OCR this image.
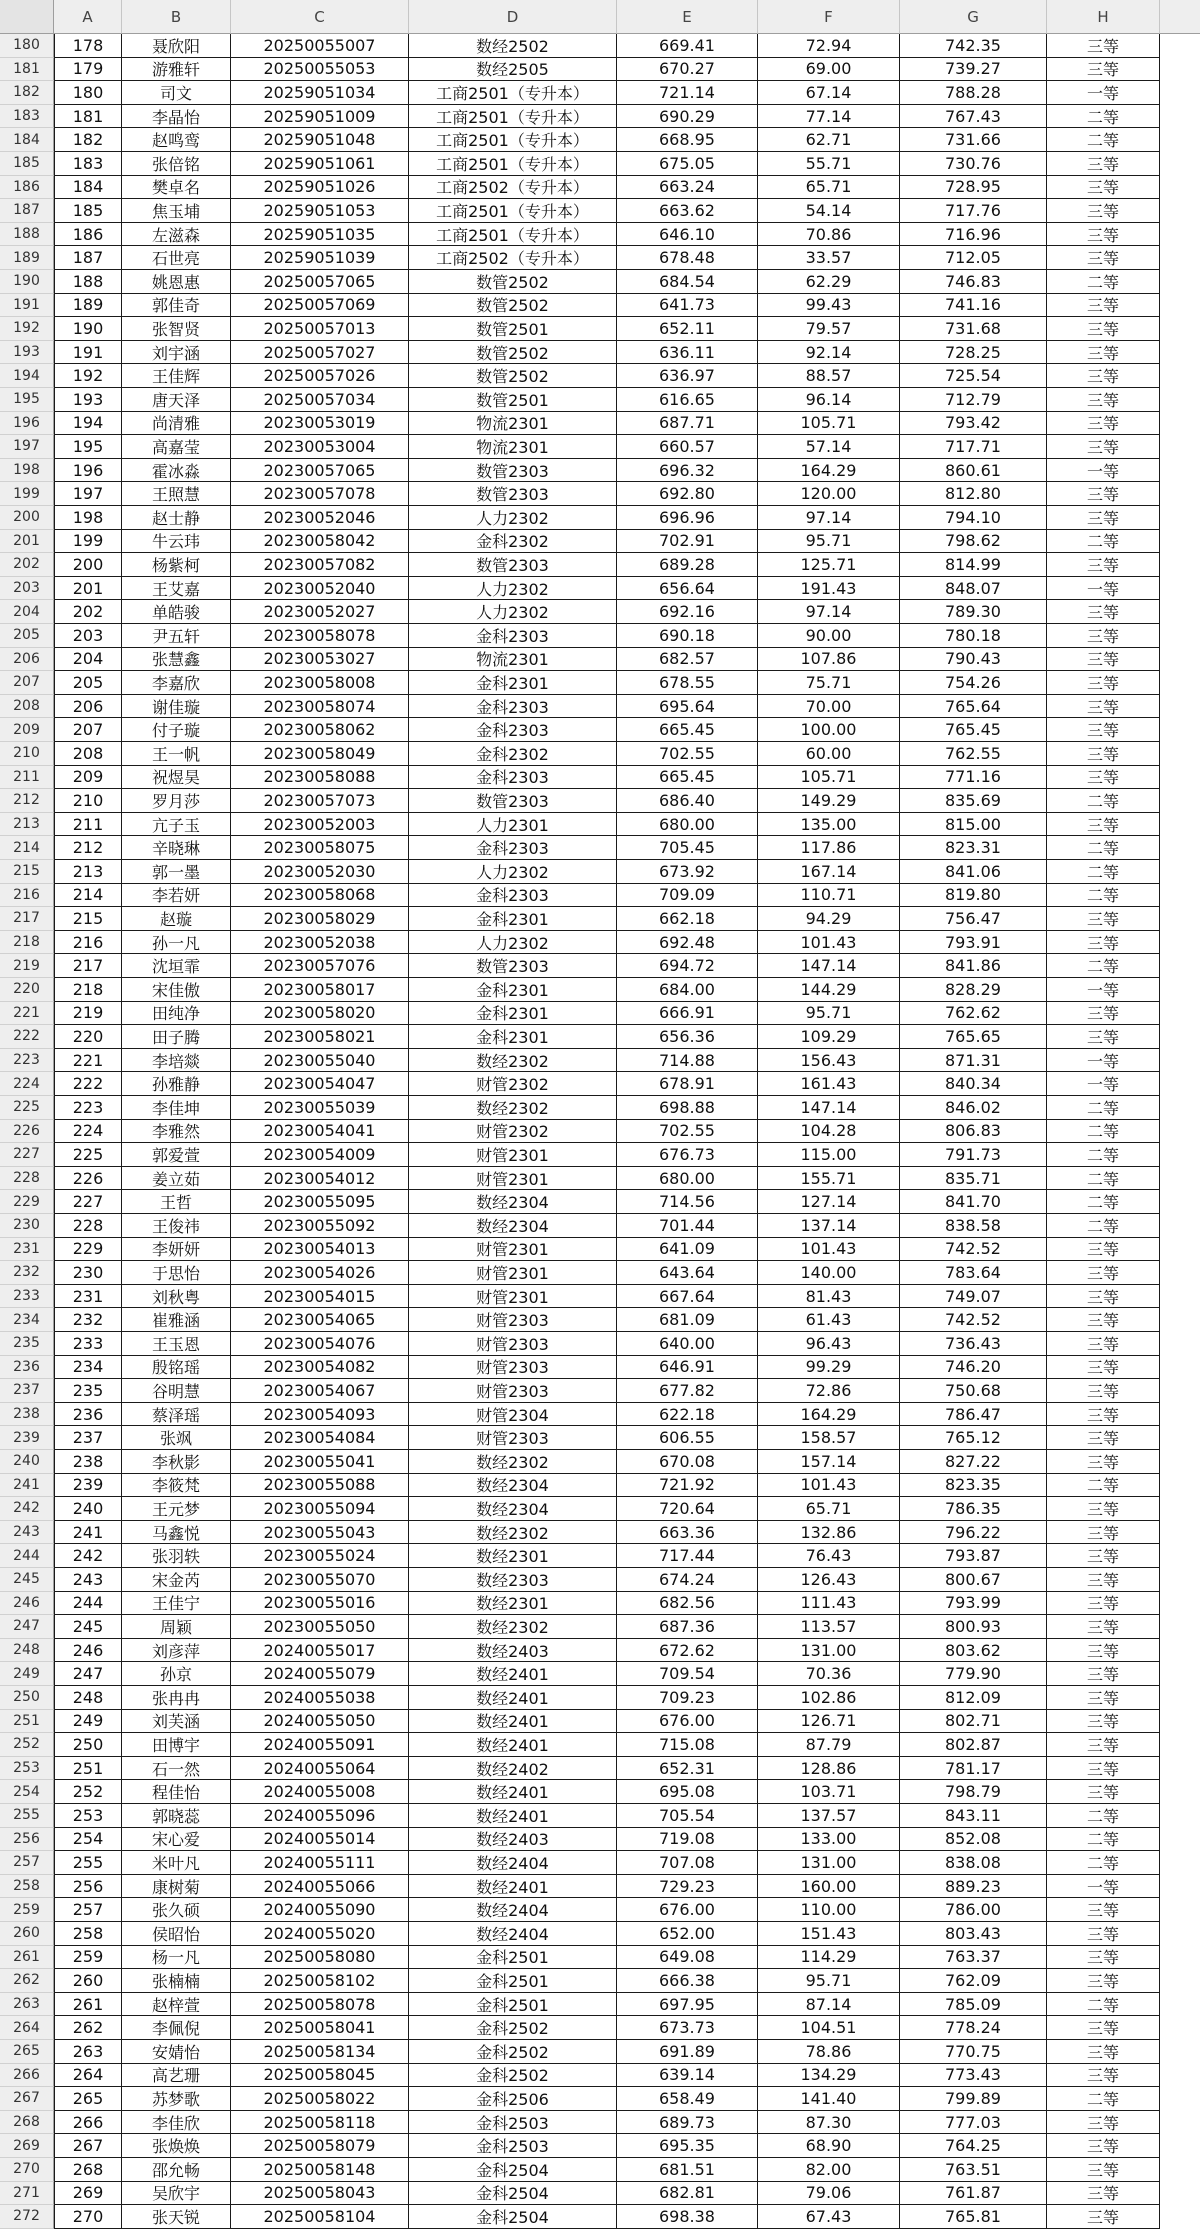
A	B	C	D	E	F	G	H
180	178	聂欣阳	20250055007	数经2502	669.41	72.94	742.35	三等
181	179	游雅轩	20250055053	数经2505	670.27	69.00	739.27	三等
182	180	司文	20259051034	工商2501（专升本）	721.14	67.14	788.28	一等
183	181	李晶怡	20259051009	工商2501（专升本）	690.29	77.14	767.43	二等
184	182	赵鸣鸾	20259051048	工商2501（专升本）	668.95	62.71	731.66	二等
185	183	张倍铭	20259051061	工商2501（专升本）	675.05	55.71	730.76	三等
186	184	樊卓名	20259051026	工商2502（专升本）	663.24	65.71	728.95	三等
187	185	焦玉埔	20259051053	工商2501（专升本）	663.62	54.14	717.76	三等
188	186	左滋森	20259051035	工商2501（专升本）	646.10	70.86	716.96	三等
189	187	石世亮	20259051039	工商2502（专升本）	678.48	33.57	712.05	三等
190	188	姚恩惠	20250057065	数管2502	684.54	62.29	746.83	二等
191	189	郭佳奇	20250057069	数管2502	641.73	99.43	741.16	三等
192	190	张智贤	20250057013	数管2501	652.11	79.57	731.68	三等
193	191	刘宇涵	20250057027	数管2502	636.11	92.14	728.25	三等
194	192	王佳辉	20250057026	数管2502	636.97	88.57	725.54	三等
195	193	唐天泽	20250057034	数管2501	616.65	96.14	712.79	三等
196	194	尚清雅	20230053019	物流2301	687.71	105.71	793.42	三等
197	195	高嘉莹	20230053004	物流2301	660.57	57.14	717.71	三等
198	196	霍冰淼	20230057065	数管2303	696.32	164.29	860.61	一等
199	197	王照慧	20230057078	数管2303	692.80	120.00	812.80	三等
200	198	赵士静	20230052046	人力2302	696.96	97.14	794.10	三等
201	199	牛云玮	20230058042	金科2302	702.91	95.71	798.62	二等
202	200	杨紫柯	20230057082	数管2303	689.28	125.71	814.99	三等
203	201	王艾嘉	20230052040	人力2302	656.64	191.43	848.07	一等
204	202	单皓骏	20230052027	人力2302	692.16	97.14	789.30	三等
205	203	尹五轩	20230058078	金科2303	690.18	90.00	780.18	三等
206	204	张慧鑫	20230053027	物流2301	682.57	107.86	790.43	三等
207	205	李嘉欣	20230058008	金科2301	678.55	75.71	754.26	三等
208	206	谢佳璇	20230058074	金科2303	695.64	70.00	765.64	三等
209	207	付子璇	20230058062	金科2303	665.45	100.00	765.45	三等
210	208	王一帆	20230058049	金科2302	702.55	60.00	762.55	三等
211	209	祝煜昊	20230058088	金科2303	665.45	105.71	771.16	三等
212	210	罗月莎	20230057073	数管2303	686.40	149.29	835.69	二等
213	211	亢子玉	20230052003	人力2301	680.00	135.00	815.00	三等
214	212	辛晓琳	20230058075	金科2303	705.45	117.86	823.31	二等
215	213	郭一墨	20230052030	人力2302	673.92	167.14	841.06	二等
216	214	李若妍	20230058068	金科2303	709.09	110.71	819.80	二等
217	215	赵璇	20230058029	金科2301	662.18	94.29	756.47	三等
218	216	孙一凡	20230052038	人力2302	692.48	101.43	793.91	三等
219	217	沈垣霏	20230057076	数管2303	694.72	147.14	841.86	二等
220	218	宋佳傲	20230058017	金科2301	684.00	144.29	828.29	一等
221	219	田纯净	20230058020	金科2301	666.91	95.71	762.62	三等
222	220	田子腾	20230058021	金科2301	656.36	109.29	765.65	三等
223	221	李培燚	20230055040	数经2302	714.88	156.43	871.31	一等
224	222	孙雅静	20230054047	财管2302	678.91	161.43	840.34	一等
225	223	李佳坤	20230055039	数经2302	698.88	147.14	846.02	二等
226	224	李雅然	20230054041	财管2302	702.55	104.28	806.83	二等
227	225	郭爱萱	20230054009	财管2301	676.73	115.00	791.73	二等
228	226	姜立茹	20230054012	财管2301	680.00	155.71	835.71	二等
229	227	王哲	20230055095	数经2304	714.56	127.14	841.70	二等
230	228	王俊祎	20230055092	数经2304	701.44	137.14	838.58	二等
231	229	李妍妍	20230054013	财管2301	641.09	101.43	742.52	三等
232	230	于思怡	20230054026	财管2301	643.64	140.00	783.64	三等
233	231	刘秋粤	20230054015	财管2301	667.64	81.43	749.07	三等
234	232	崔雅涵	20230054065	财管2303	681.09	61.43	742.52	三等
235	233	王玉恩	20230054076	财管2303	640.00	96.43	736.43	三等
236	234	殷铭瑶	20230054082	财管2303	646.91	99.29	746.20	三等
237	235	谷明慧	20230054067	财管2303	677.82	72.86	750.68	三等
238	236	蔡泽瑶	20230054093	财管2304	622.18	164.29	786.47	三等
239	237	张飒	20230054084	财管2303	606.55	158.57	765.12	三等
240	238	李秋影	20230055041	数经2302	670.08	157.14	827.22	三等
241	239	李筱梵	20230055088	数经2304	721.92	101.43	823.35	二等
242	240	王元梦	20230055094	数经2304	720.64	65.71	786.35	三等
243	241	马鑫悦	20230055043	数经2302	663.36	132.86	796.22	三等
244	242	张羽轶	20230055024	数经2301	717.44	76.43	793.87	三等
245	243	宋金芮	20230055070	数经2303	674.24	126.43	800.67	三等
246	244	王佳宁	20230055016	数经2301	682.56	111.43	793.99	三等
247	245	周颖	20230055050	数经2302	687.36	113.57	800.93	三等
248	246	刘彦萍	20240055017	数经2403	672.62	131.00	803.62	三等
249	247	孙京	20240055079	数经2401	709.54	70.36	779.90	三等
250	248	张冉冉	20240055038	数经2401	709.23	102.86	812.09	三等
251	249	刘芙涵	20240055050	数经2401	676.00	126.71	802.71	三等
252	250	田博宇	20240055091	数经2401	715.08	87.79	802.87	三等
253	251	石一然	20240055064	数经2402	652.31	128.86	781.17	三等
254	252	程佳怡	20240055008	数经2401	695.08	103.71	798.79	三等
255	253	郭晓蕊	20240055096	数经2401	705.54	137.57	843.11	二等
256	254	宋心爱	20240055014	数经2403	719.08	133.00	852.08	二等
257	255	米叶凡	20240055111	数经2404	707.08	131.00	838.08	二等
258	256	康树菊	20240055066	数经2401	729.23	160.00	889.23	一等
259	257	张久硕	20240055090	数经2404	676.00	110.00	786.00	三等
260	258	侯昭怡	20240055020	数经2404	652.00	151.43	803.43	三等
261	259	杨一凡	20250058080	金科2501	649.08	114.29	763.37	三等
262	260	张楠楠	20250058102	金科2501	666.38	95.71	762.09	三等
263	261	赵梓萱	20250058078	金科2501	697.95	87.14	785.09	二等
264	262	李佩倪	20250058041	金科2502	673.73	104.51	778.24	三等
265	263	安婧怡	20250058134	金科2502	691.89	78.86	770.75	三等
266	264	高艺珊	20250058045	金科2502	639.14	134.29	773.43	三等
267	265	苏梦歌	20250058022	金科2506	658.49	141.40	799.89	二等
268	266	李佳欣	20250058118	金科2503	689.73	87.30	777.03	三等
269	267	张焕焕	20250058079	金科2503	695.35	68.90	764.25	三等
270	268	邵允畅	20250058148	金科2504	681.51	82.00	763.51	三等
271	269	吴欣宇	20250058043	金科2504	682.81	79.06	761.87	三等
272	270	张天锐	20250058104	金科2504	698.38	67.43	765.81	三等
